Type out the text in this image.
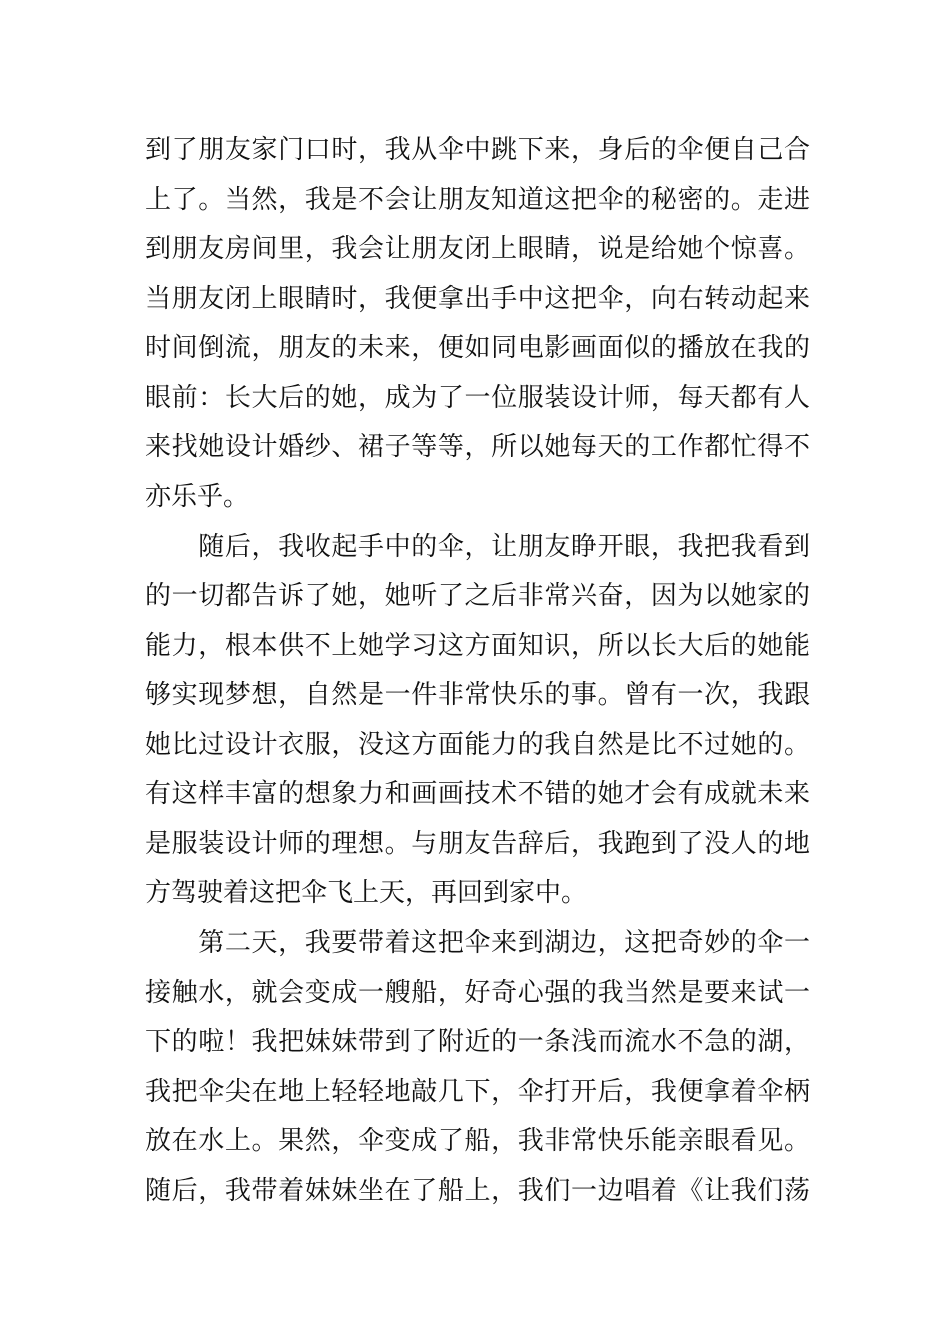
到了朋友家门口时，我从伞中跳下来，身后的伞便自己合

上了。当然，我是不会让朋友知道这把伞的秘密的。走进

到朋友房间里，我会让朋友闭上眼睛，说是给她个惊喜。

当朋友闭上眼睛时，我便拿出手中这把伞，向右转动起来

时间倒流，朋友的未来，便如同电影画面似的播放在我的

眼前：长大后的她，成为了一位服装设计师，每天都有人

来找她设计婚纱、裙子等等，所以她每天的工作都忙得不

亦乐乎。

　　随后，我收起手中的伞，让朋友睁开眼，我把我看到

的一切都告诉了她，她听了之后非常兴奋，因为以她家的

能力，根本供不上她学习这方面知识，所以长大后的她能

够实现梦想，自然是一件非常快乐的事。曾有一次，我跟

她比过设计衣服，没这方面能力的我自然是比不过她的。

有这样丰富的想象力和画画技术不错的她才会有成就未来

是服装设计师的理想。与朋友告辞后，我跑到了没人的地

方驾驶着这把伞飞上天，再回到家中。

　　第二天，我要带着这把伞来到湖边，这把奇妙的伞一

接触水，就会变成一艘船，好奇心强的我当然是要来试一

下的啦！我把妹妹带到了附近的一条浅而流水不急的湖，

我把伞尖在地上轻轻地敲几下，伞打开后，我便拿着伞柄

放在水上。果然，伞变成了船，我非常快乐能亲眼看见。

随后，我带着妹妹坐在了船上，我们一边唱着《让我们荡
